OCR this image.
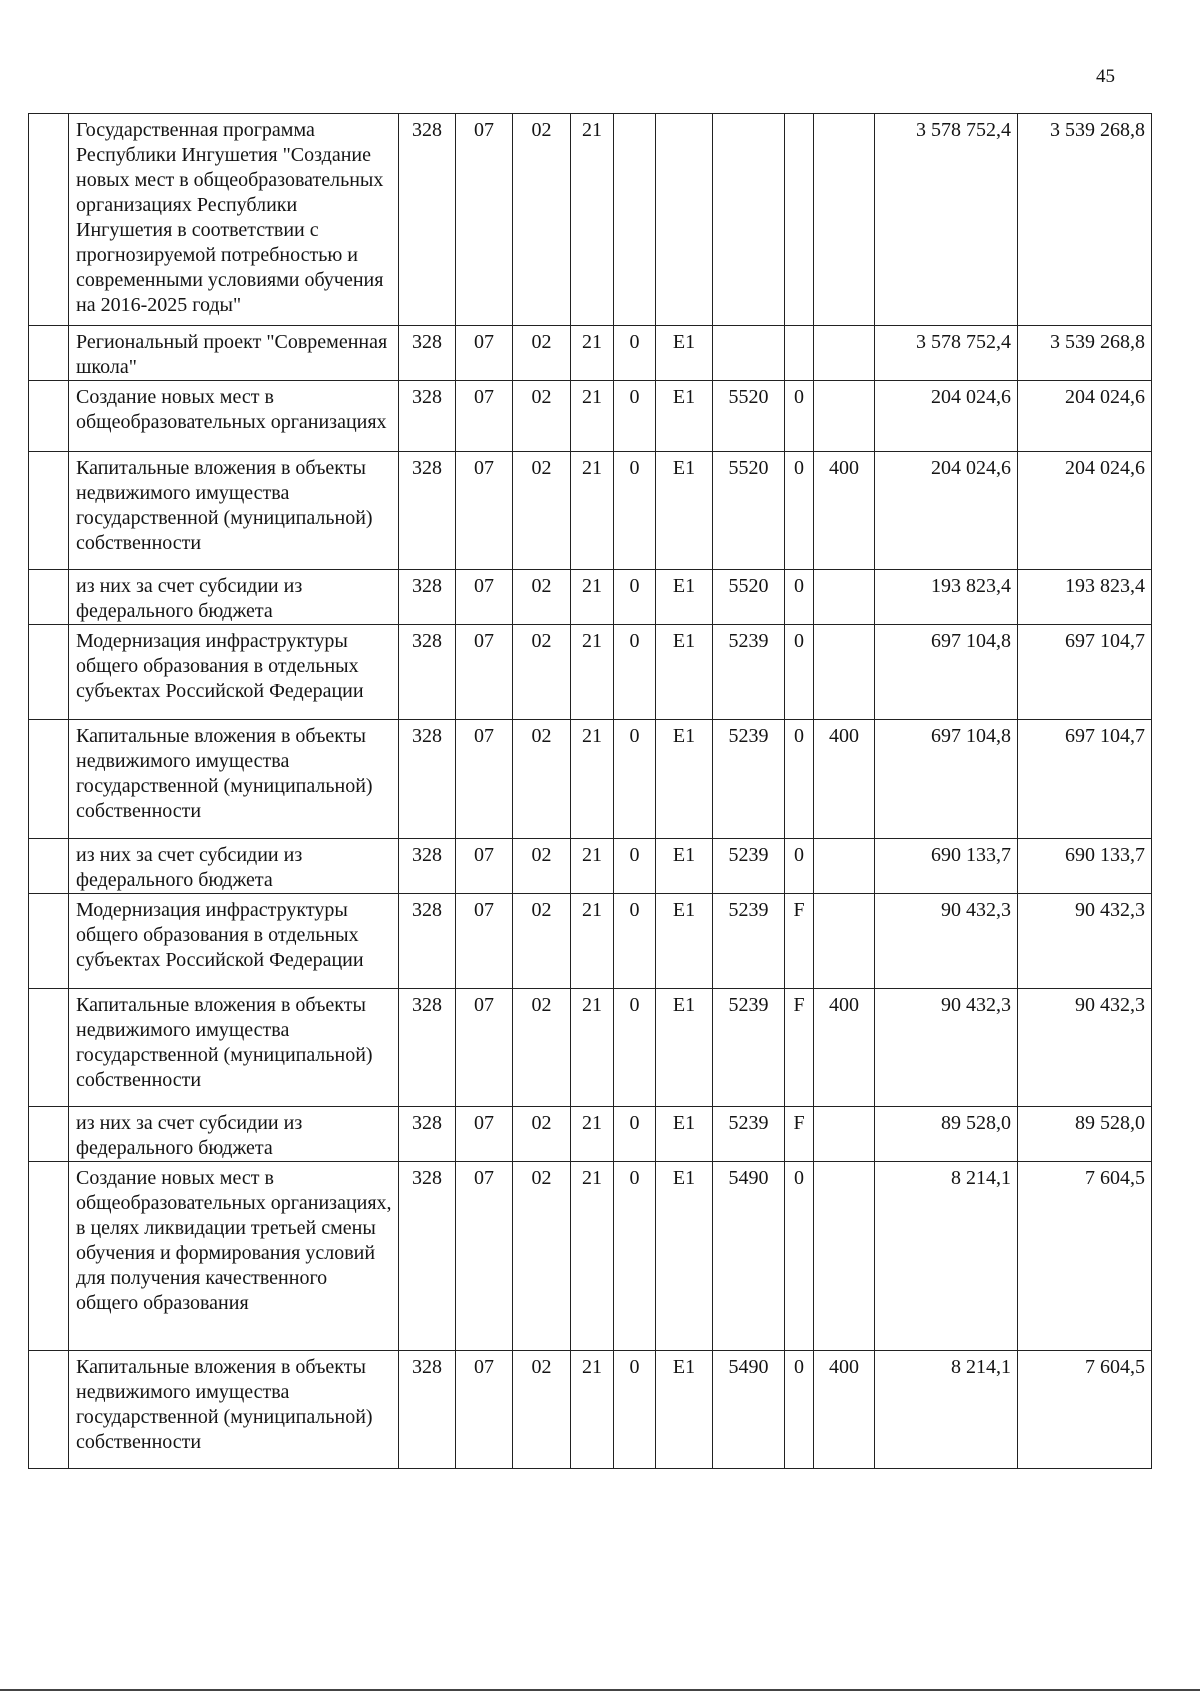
45
	Государственная программа Республики Ингушетия "Создание новых мест в общеобразовательных организациях Республики Ингушетия в соответствии с прогнозируемой потребностью и современными условиями обучения на 2016-2025 годы"	328	07	02	21						3 578 752,4	3 539 268,8
	Региональный проект "Современная школа"	328	07	02	21	0	E1				3 578 752,4	3 539 268,8
	Создание новых мест в общеобразовательных организациях	328	07	02	21	0	E1	5520	0		204 024,6	204 024,6
	Капитальные вложения в объекты недвижимого имущества государственной (муниципальной) собственности	328	07	02	21	0	E1	5520	0	400	204 024,6	204 024,6
	из них за счет субсидии из федерального бюджета	328	07	02	21	0	E1	5520	0		193 823,4	193 823,4
	Модернизация инфраструктуры общего образования в отдельных субъектах Российской Федерации	328	07	02	21	0	E1	5239	0		697 104,8	697 104,7
	Капитальные вложения в объекты недвижимого имущества государственной (муниципальной) собственности	328	07	02	21	0	E1	5239	0	400	697 104,8	697 104,7
	из них за счет субсидии из федерального бюджета	328	07	02	21	0	E1	5239	0		690 133,7	690 133,7
	Модернизация инфраструктуры общего образования в отдельных субъектах Российской Федерации	328	07	02	21	0	E1	5239	F		90 432,3	90 432,3
	Капитальные вложения в объекты недвижимого имущества государственной (муниципальной) собственности	328	07	02	21	0	E1	5239	F	400	90 432,3	90 432,3
	из них за счет субсидии из федерального бюджета	328	07	02	21	0	E1	5239	F		89 528,0	89 528,0
	Создание новых мест в общеобразовательных организациях, в целях ликвидации третьей смены обучения и формирования условий для получения качественного общего образования	328	07	02	21	0	E1	5490	0		8 214,1	7 604,5
	Капитальные вложения в объекты недвижимого имущества государственной (муниципальной) собственности	328	07	02	21	0	E1	5490	0	400	8 214,1	7 604,5
